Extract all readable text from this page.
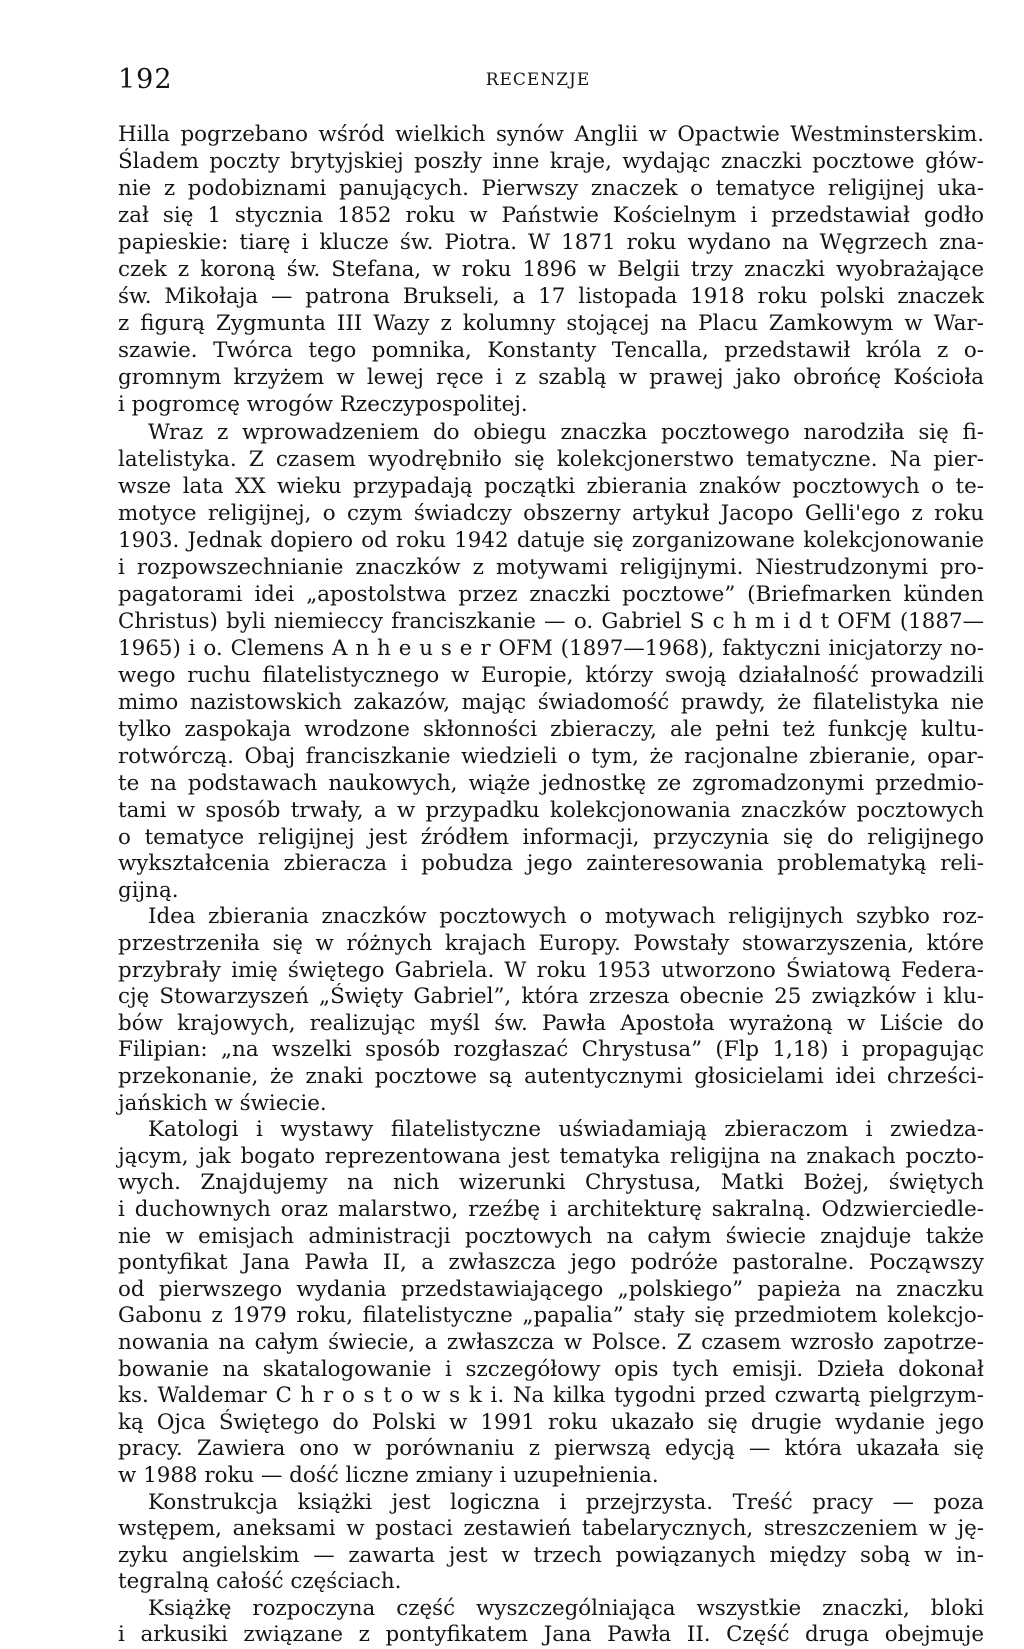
192	RECENZJE
Hilla pogrzebano wśród wielkich synów Anglii w Opactwie Westminsterskim.
Śladem poczty brytyjskiej poszły inne kraje, wydając znaczki pocztowe głów-
nie z podobiznami panujących. Pierwszy znaczek o tematyce religijnej uka-
zał się 1 stycznia 1852 roku w Państwie Kościelnym i przedstawiał godło
papieskie: tiarę i klucze św. Piotra. W 1871 roku wydano na Węgrzech zna-
czek z koroną św. Stefana, w roku 1896 w Belgii trzy znaczki wyobrażające
św. Mikołaja — patrona Brukseli, a 17 listopada 1918 roku polski znaczek
z figurą Zygmunta III Wazy z kolumny stojącej na Placu Zamkowym w War-
szawie. Twórca tego pomnika, Konstanty Tencalla, przedstawił króla z o-
gromnym krzyżem w lewej ręce i z szablą w prawej jako obrońcę Kościoła
i pogromcę wrogów Rzeczypospolitej.
Wraz z wprowadzeniem do obiegu znaczka pocztowego narodziła się fi-
latelistyka. Z czasem wyodrębniło się kolekcjonerstwo tematyczne. Na pier-
wsze lata XX wieku przypadają początki zbierania znaków pocztowych o te-
motyce religijnej, o czym świadczy obszerny artykuł Jacopo Gelli'ego z roku
1903. Jednak dopiero od roku 1942 datuje się zorganizowane kolekcjonowanie
i rozpowszechnianie znaczków z motywami religijnymi. Niestrudzonymi pro-
pagatorami idei „apostolstwa przez znaczki pocztowe” (Briefmarken künden
Christus) byli niemieccy franciszkanie — o. Gabriel S c h m i d t OFM (1887—
1965) i o. Clemens A n h e u s e r OFM (1897—1968), faktyczni inicjatorzy no-
wego ruchu filatelistycznego w Europie, którzy swoją działalność prowadzili
mimo nazistowskich zakazów, mając świadomość prawdy, że filatelistyka nie
tylko zaspokaja wrodzone skłonności zbieraczy, ale pełni też funkcję kultu-
rotwórczą. Obaj franciszkanie wiedzieli o tym, że racjonalne zbieranie, opar-
te na podstawach naukowych, wiąże jednostkę ze zgromadzonymi przedmio-
tami w sposób trwały, a w przypadku kolekcjonowania znaczków pocztowych
o tematyce religijnej jest źródłem informacji, przyczynia się do religijnego
wykształcenia zbieracza i pobudza jego zainteresowania problematyką reli-
gijną.
Idea zbierania znaczków pocztowych o motywach religijnych szybko roz-
przestrzeniła się w różnych krajach Europy. Powstały stowarzyszenia, które
przybrały imię świętego Gabriela. W roku 1953 utworzono Światową Federa-
cję Stowarzyszeń „Święty Gabriel”, która zrzesza obecnie 25 związków i klu-
bów krajowych, realizując myśl św. Pawła Apostoła wyrażoną w Liście do
Filipian: „na wszelki sposób rozgłaszać Chrystusa” (Flp 1,18) i propagując
przekonanie, że znaki pocztowe są autentycznymi głosicielami idei chrześci-
jańskich w świecie.
Katologi i wystawy filatelistyczne uświadamiają zbieraczom i zwiedza-
jącym, jak bogato reprezentowana jest tematyka religijna na znakach poczto-
wych. Znajdujemy na nich wizerunki Chrystusa, Matki Bożej, świętych
i duchownych oraz malarstwo, rzeźbę i architekturę sakralną. Odzwierciedle-
nie w emisjach administracji pocztowych na całym świecie znajduje także
pontyfikat Jana Pawła II, a zwłaszcza jego podróże pastoralne. Począwszy
od pierwszego wydania przedstawiającego „polskiego” papieża na znaczku
Gabonu z 1979 roku, filatelistyczne „papalia” stały się przedmiotem kolekcjo-
nowania na całym świecie, a zwłaszcza w Polsce. Z czasem wzrosło zapotrze-
bowanie na skatalogowanie i szczegółowy opis tych emisji. Dzieła dokonał
ks. Waldemar C h r o s t o w s k i. Na kilka tygodni przed czwartą pielgrzym-
ką Ojca Świętego do Polski w 1991 roku ukazało się drugie wydanie jego
pracy. Zawiera ono w porównaniu z pierwszą edycją — która ukazała się
w 1988 roku — dość liczne zmiany i uzupełnienia.
Konstrukcja książki jest logiczna i przejrzysta. Treść pracy — poza
wstępem, aneksami w postaci zestawień tabelarycznych, streszczeniem w ję-
zyku angielskim — zawarta jest w trzech powiązanych między sobą w in-
tegralną całość częściach.
Książkę rozpoczyna część wyszczególniająca wszystkie znaczki, bloki
i arkusiki związane z pontyfikatem Jana Pawła II. Część druga obejmuje
